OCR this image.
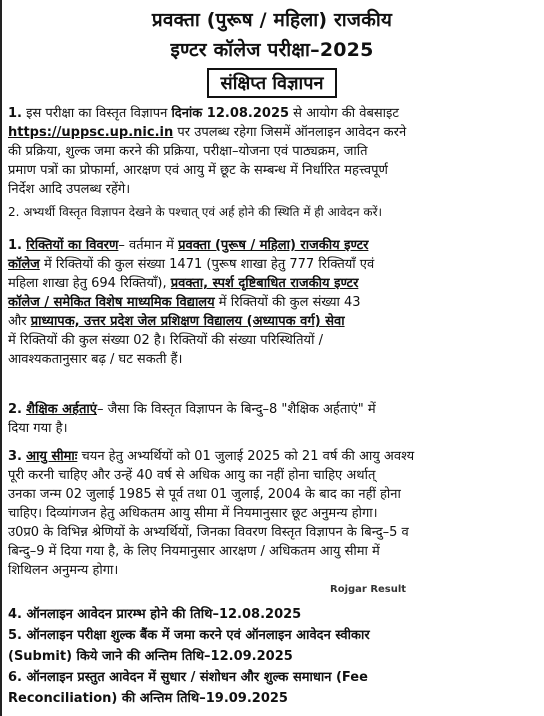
प्रवक्ता (पुरूष / महिला) राजकीय
इण्टर कॉलेज परीक्षा–2025
संक्षिप्त विज्ञापन
1. इस परीक्षा का विस्तृत विज्ञापन दिनांक 12.08.2025 से आयोग की वेबसाइट
https://uppsc.up.nic.in पर उपलब्ध रहेगा जिसमें ऑनलाइन आवेदन करने
की प्रक्रिया, शुल्क जमा करने की प्रक्रिया, परीक्षा–योजना एवं पाठ्यक्रम, जाति
प्रमाण पत्रों का प्रोफार्मा, आरक्षण एवं आयु में छूट के सम्बन्ध में निर्धारित महत्त्वपूर्ण
निर्देश आदि उपलब्ध रहेंगे।
2. अभ्यर्थी विस्तृत विज्ञापन देखने के पश्चात् एवं अर्ह होने की स्थिति में ही आवेदन करें।
1. रिक्तियों का विवरण– वर्तमान में प्रवक्ता (पुरूष / महिला) राजकीय इण्टर
कॉलेज में रिक्तियों की कुल संख्या 1471 (पुरूष शाखा हेतु 777 रिक्तियाँ एवं
महिला शाखा हेतु 694 रिक्तियाँ), प्रवक्ता, स्पर्श दृष्टिबाधित राजकीय इण्टर
कॉलेज / समेकित विशेष माध्यमिक विद्यालय में रिक्तियों की कुल संख्या 43
और प्राध्यापक, उत्तर प्रदेश जेल प्रशिक्षण विद्यालय (अध्यापक वर्ग) सेवा
में रिक्तियों की कुल संख्या 02 है। रिक्तियों की संख्या परिस्थितियों /
आवश्यकतानुसार बढ़ / घट सकती हैं।
2. शैक्षिक अर्हताएं– जैसा कि विस्तृत विज्ञापन के बिन्दु–8 "शैक्षिक अर्हताएं" में
दिया गया है।
3. आयु सीमाः चयन हेतु अभ्यर्थियों को 01 जुलाई 2025 को 21 वर्ष की आयु अवश्य
पूरी करनी चाहिए और उन्हें 40 वर्ष से अधिक आयु का नहीं होना चाहिए अर्थात्
उनका जन्म 02 जुलाई 1985 से पूर्व तथा 01 जुलाई, 2004 के बाद का नहीं होना
चाहिए। दिव्यांगजन हेतु अधिकतम आयु सीमा में नियमानुसार छूट अनुमन्य होगा।
उ0प्र0 के विभिन्न श्रेणियों के अभ्यर्थियों, जिनका विवरण विस्तृत विज्ञापन के बिन्दु–5 व
बिन्दु–9 में दिया गया है, के लिए नियमानुसार आरक्षण / अधिकतम आयु सीमा में
शिथिलन अनुमन्य होगा।
Rojgar Result
4. ऑनलाइन आवेदन प्रारम्भ होने की तिथि–12.08.2025
5. ऑनलाइन परीक्षा शुल्क बैंक में जमा करने एवं ऑनलाइन आवेदन स्वीकार
(Submit) किये जाने की अन्तिम तिथि–12.09.2025
6. ऑनलाइन प्रस्तुत आवेदन में सुधार / संशोधन और शुल्क समाधान (Fee
Reconciliation) की अन्तिम तिथि–19.09.2025
